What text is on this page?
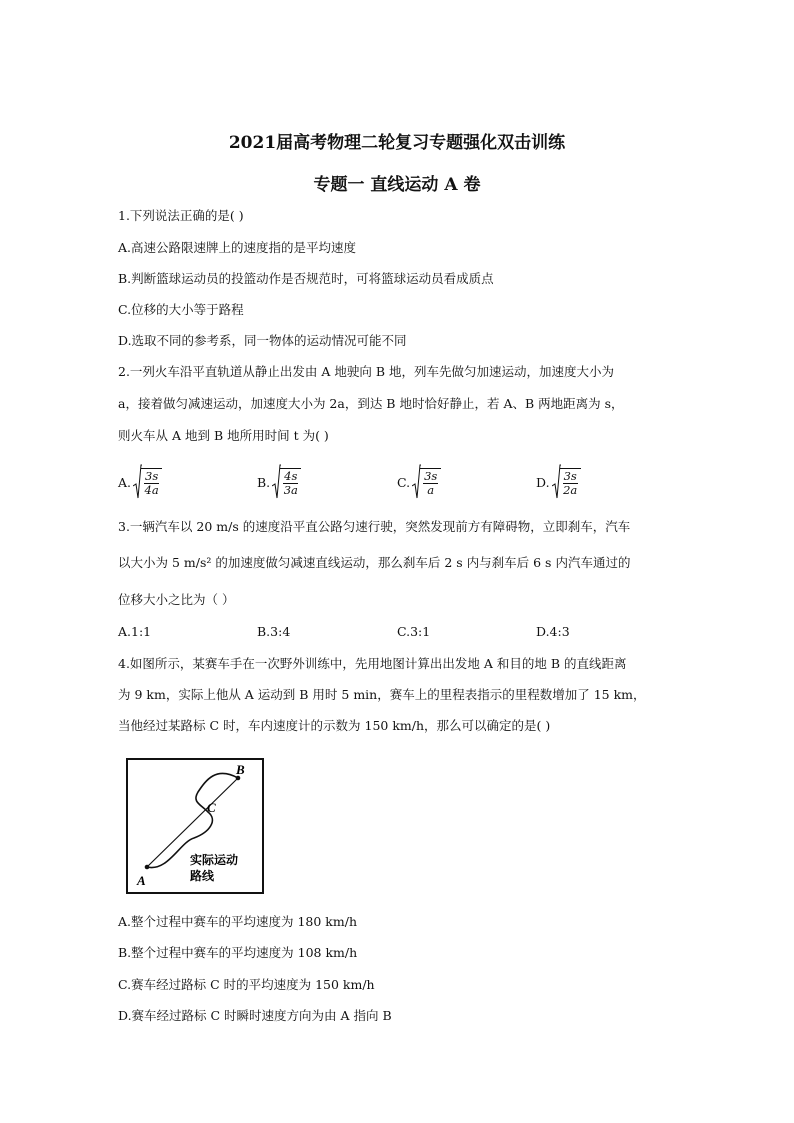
2021届高考物理二轮复习专题强化双击训练
专题一 直线运动 A 卷
1.下列说法正确的是( )
A.高速公路限速牌上的速度指的是平均速度
B.判断篮球运动员的投篮动作是否规范时，可将篮球运动员看成质点
C.位移的大小等于路程
D.选取不同的参考系，同一物体的运动情况可能不同
2.一列火车沿平直轨道从静止出发由 A 地驶向 B 地，列车先做匀加速运动，加速度大小为
a，接着做匀减速运动，加速度大小为 2a，到达 B 地时恰好静止，若 A、B 两地距离为 s，
则火车从 A 地到 B 地所用时间 t 为( )
A. $\frac{3s}{4a}$	B. $\frac{4s}{3a}$	C. $\frac{3s}{a}$	D. $\frac{3s}{2a}$
3.一辆汽车以 20 m/s 的速度沿平直公路匀速行驶，突然发现前方有障碍物，立即刹车，汽车
以大小为 5 m/s² 的加速度做匀减速直线运动，那么刹车后 2 s 内与刹车后 6 s 内汽车通过的
位移大小之比为（ ）
A.1:1	B.3:4	C.3:1	D.4:3
4.如图所示，某赛车手在一次野外训练中，先用地图计算出出发地 A 和目的地 B 的直线距离
为 9 km，实际上他从 A 运动到 B 用时 5 min，赛车上的里程表指示的里程数增加了 15 km，
当他经过某路标 C 时，车内速度计的示数为 150 km/h，那么可以确定的是( )
A
B
C
实际运动
路线
A.整个过程中赛车的平均速度为 180 km/h
B.整个过程中赛车的平均速度为 108 km/h
C.赛车经过路标 C 时的平均速度为 150 km/h
D.赛车经过路标 C 时瞬时速度方向为由 A 指向 B
